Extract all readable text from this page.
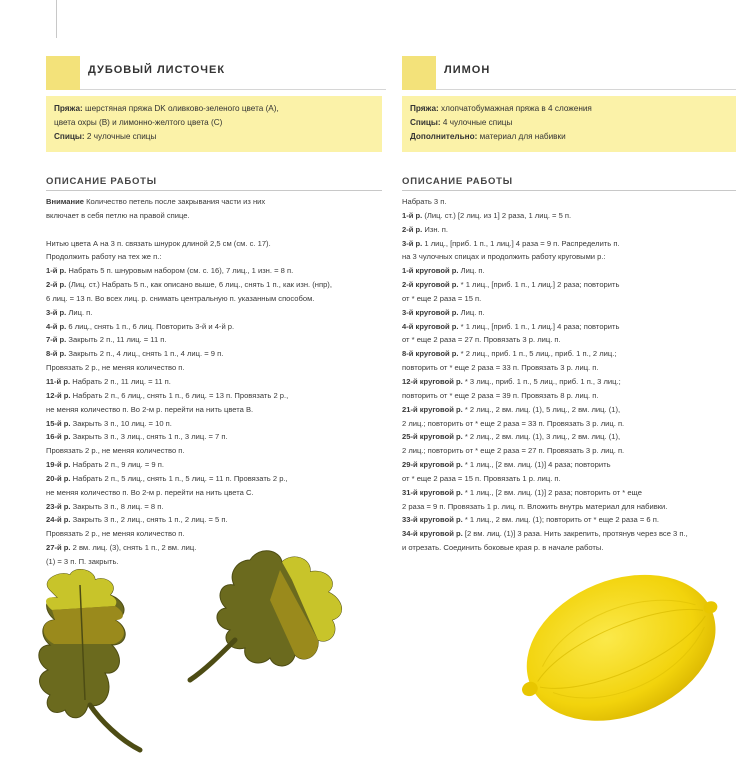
ДУБОВЫЙ ЛИСТОЧЕК
Пряжа: шерстяная пряжа DK оливково-зеленого цвета (А),
цвета охры (В) и лимонно-желтого цвета (С)
Спицы: 2 чулочные спицы
ОПИСАНИЕ РАБОТЫ
Внимание Количество петель после закрывания части из них
включает в себя петлю на правой спице.
Нитью цвета А на 3 п. связать шнурок длиной 2,5 см (см. с. 17).
Продолжить работу на тех же п.:
1-й р. Набрать 5 п. шнуровым набором (см. с. 16), 7 лиц., 1 изн. = 8 п.
2-й р. (Лиц. ст.) Набрать 5 п., как описано выше, 6 лиц., снять 1 п., как изн. (нпр),
6 лиц. = 13 п. Во всех лиц. р. снимать центральную п. указанным способом.
3-й р. Лиц. п.
4-й р. 6 лиц., снять 1 п., 6 лиц. Повторить 3-й и 4-й р.
7-й р. Закрыть 2 п., 11 лиц. = 11 п.
8-й р. Закрыть 2 п., 4 лиц., снять 1 п., 4 лиц. = 9 п.
Провязать 2 р., не меняя количество п.
11-й р. Набрать 2 п., 11 лиц. = 11 п.
12-й р. Набрать 2 п., 6 лиц., снять 1 п., 6 лиц. = 13 п. Провязать 2 р.,
не меняя количество п. Во 2-м р. перейти на нить цвета В.
15-й р. Закрыть 3 п., 10 лиц. = 10 п.
16-й р. Закрыть 3 п., 3 лиц., снять 1 п., 3 лиц. = 7 п.
Провязать 2 р., не меняя количество п.
19-й р. Набрать 2 п., 9 лиц. = 9 п.
20-й р. Набрать 2 п., 5 лиц., снять 1 п., 5 лиц. = 11 п. Провязать 2 р.,
не меняя количество п. Во 2-м р. перейти на нить цвета С.
23-й р. Закрыть 3 п., 8 лиц. = 8 п.
24-й р. Закрыть 3 п., 2 лиц., снять 1 п., 2 лиц. = 5 п.
Провязать 2 р., не меняя количество п.
27-й р. 2 вм. лиц. (3), снять 1 п., 2 вм. лиц.
(1) = 3 п. П. закрыть.
ЛИМОН
Пряжа: хлопчатобумажная пряжа в 4 сложения
Спицы: 4 чулочные спицы
Дополнительно: материал для набивки
ОПИСАНИЕ РАБОТЫ
Набрать 3 п.
1-й р. (Лиц. ст.) [2 лиц. из 1] 2 раза, 1 лиц. = 5 п.
2-й р. Изн. п.
3-й р. 1 лиц., [приб. 1 п., 1 лиц.] 4 раза = 9 п. Распределить п.
на 3 чулочных спицах и продолжить работу круговыми р.:
1-й круговой р. Лиц. п.
2-й круговой р. * 1 лиц., [приб. 1 п., 1 лиц.] 2 раза; повторить
от * еще 2 раза = 15 п.
3-й круговой р. Лиц. п.
4-й круговой р. * 1 лиц., [приб. 1 п., 1 лиц.] 4 раза; повторить
от * еще 2 раза = 27 п. Провязать 3 р. лиц. п.
8-й круговой р. * 2 лиц., приб. 1 п., 5 лиц., приб. 1 п., 2 лиц.;
повторить от * еще 2 раза = 33 п. Провязать 3 р. лиц. п.
12-й круговой р. * 3 лиц., приб. 1 п., 5 лиц., приб. 1 п., 3 лиц.;
повторить от * еще 2 раза = 39 п. Провязать 8 р. лиц. п.
21-й круговой р. * 2 лиц., 2 вм. лиц. (1), 5 лиц., 2 вм. лиц. (1),
2 лиц.; повторить от * еще 2 раза = 33 п. Провязать 3 р. лиц. п.
25-й круговой р. * 2 лиц., 2 вм. лиц. (1), 3 лиц., 2 вм. лиц. (1),
2 лиц.; повторить от * еще 2 раза = 27 п. Провязать 3 р. лиц. п.
29-й круговой р. * 1 лиц., [2 вм. лиц. (1)] 4 раза; повторить
от * еще 2 раза = 15 п. Провязать 1 р. лиц. п.
31-й круговой р. * 1 лиц., [2 вм. лиц. (1)] 2 раза; повторить от * еще
2 раза = 9 п. Провязать 1 р. лиц. п. Вложить внутрь материал для набивки.
33-й круговой р. * 1 лиц., 2 вм. лиц. (1); повторить от * еще 2 раза = 6 п.
34-й круговой р. [2 вм. лиц. (1)] 3 раза. Нить закрепить, протянув через все 3 п.,
и отрезать. Соединить боковые края р. в начале работы.
